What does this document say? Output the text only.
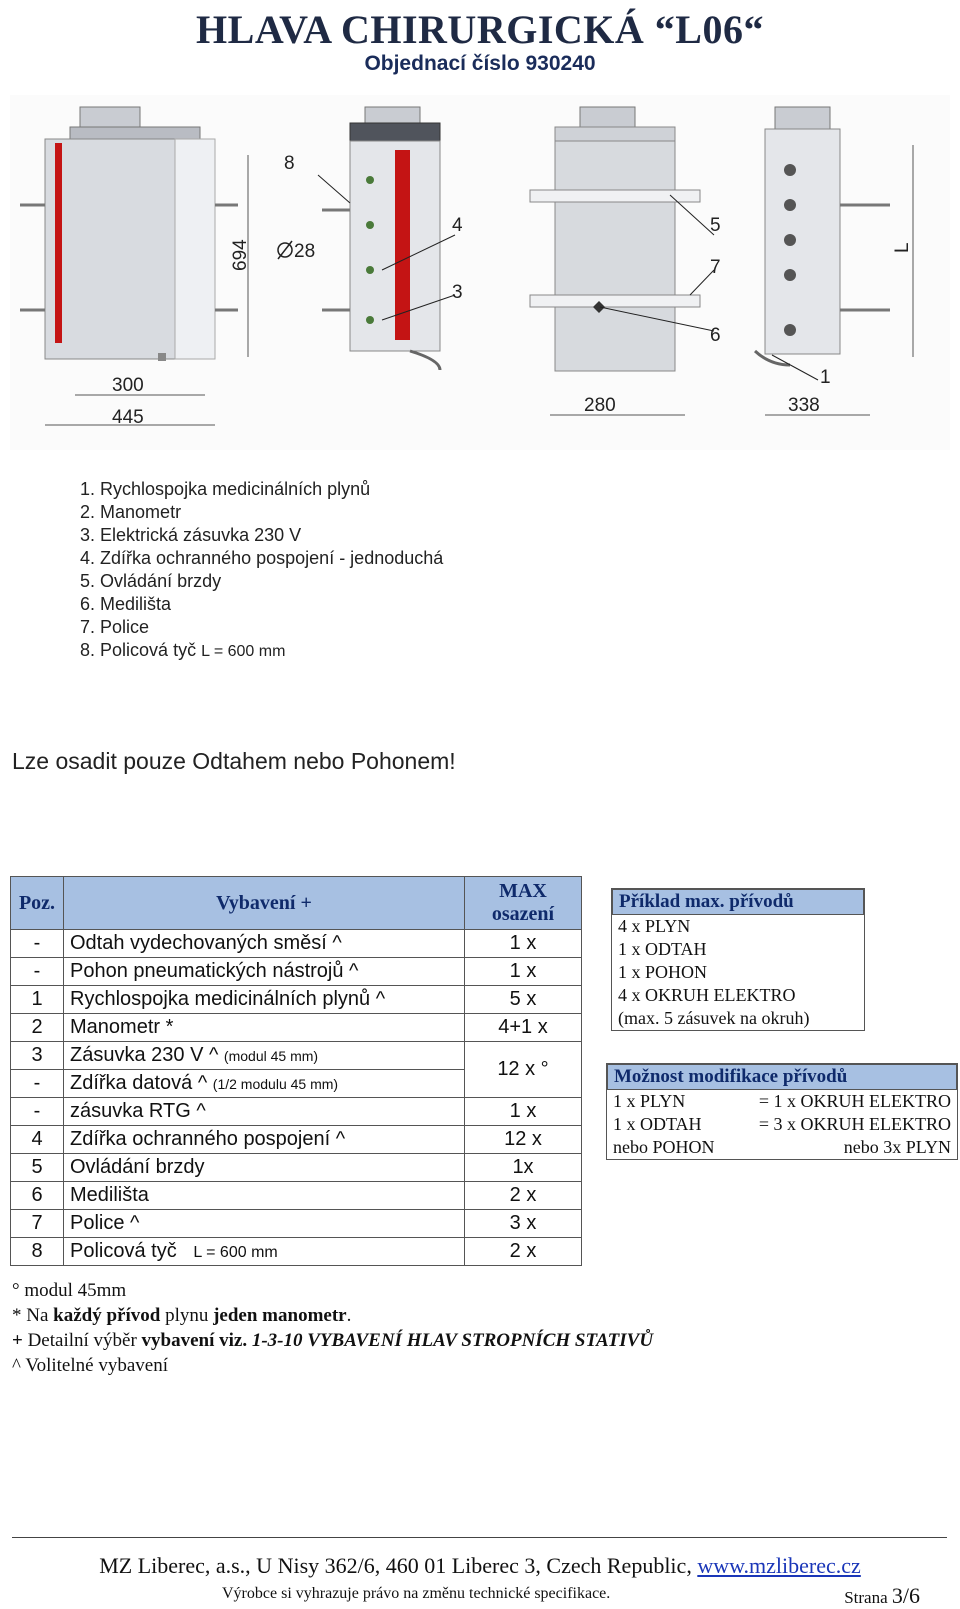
HLAVA CHIRURGICKÁ “L06“
Objednací číslo 930240
300
445
694
8
28
4
3
5
7
6
280
1
338
L
1. Rychlospojka medicinálních plynů
2. Manometr
3. Elektrická zásuvka 230 V
4. Zdířka ochranného pospojení - jednoduchá
5. Ovládání brzdy
6. Medilišta
7. Police
8. Policová tyč L = 600 mm
Lze osadit pouze Odtahem nebo Pohonem!
Poz.	Vybavení +	MAX
osazení

-	Odtah vydechovaných směsí ^	1 x
-	Pohon pneumatických nástrojů ^	1 x
1	Rychlospojka medicinálních plynů ^	5 x
2	Manometr *	4+1 x
3	Zásuvka 230 V ^ (modul 45 mm)	12 x °
-	Zdířka datová ^ (1/2 modulu 45 mm)	
-	zásuvka RTG ^	1 x
4	Zdířka ochranného pospojení ^	12 x
5	Ovládání brzdy	1x
6	Medilišta	2 x
7	Police ^	3 x
8	Policová tyč L = 600 mm	2 x
Příklad max. přívodů
4 x PLYN
1 x ODTAH
1 x POHON
4 x OKRUH ELEKTRO
(max. 5 zásuvek na okruh)
Možnost modifikace přívodů
1 x PLYN	= 1 x OKRUH ELEKTRO
1 x ODTAH	= 3 x OKRUH ELEKTRO
nebo POHON	nebo 3x PLYN
° modul 45mm
* Na každý přívod plynu jeden manometr.
+ Detailní výběr vybavení viz. 1-3-10 VYBAVENÍ HLAV STROPNÍCH STATIVŮ
^ Volitelné vybavení
MZ Liberec, a.s., U Nisy 362/6, 460 01 Liberec 3, Czech Republic, www.mzliberec.cz
Výrobce si vyhrazuje právo na změnu technické specifikace.	Strana 3/6
